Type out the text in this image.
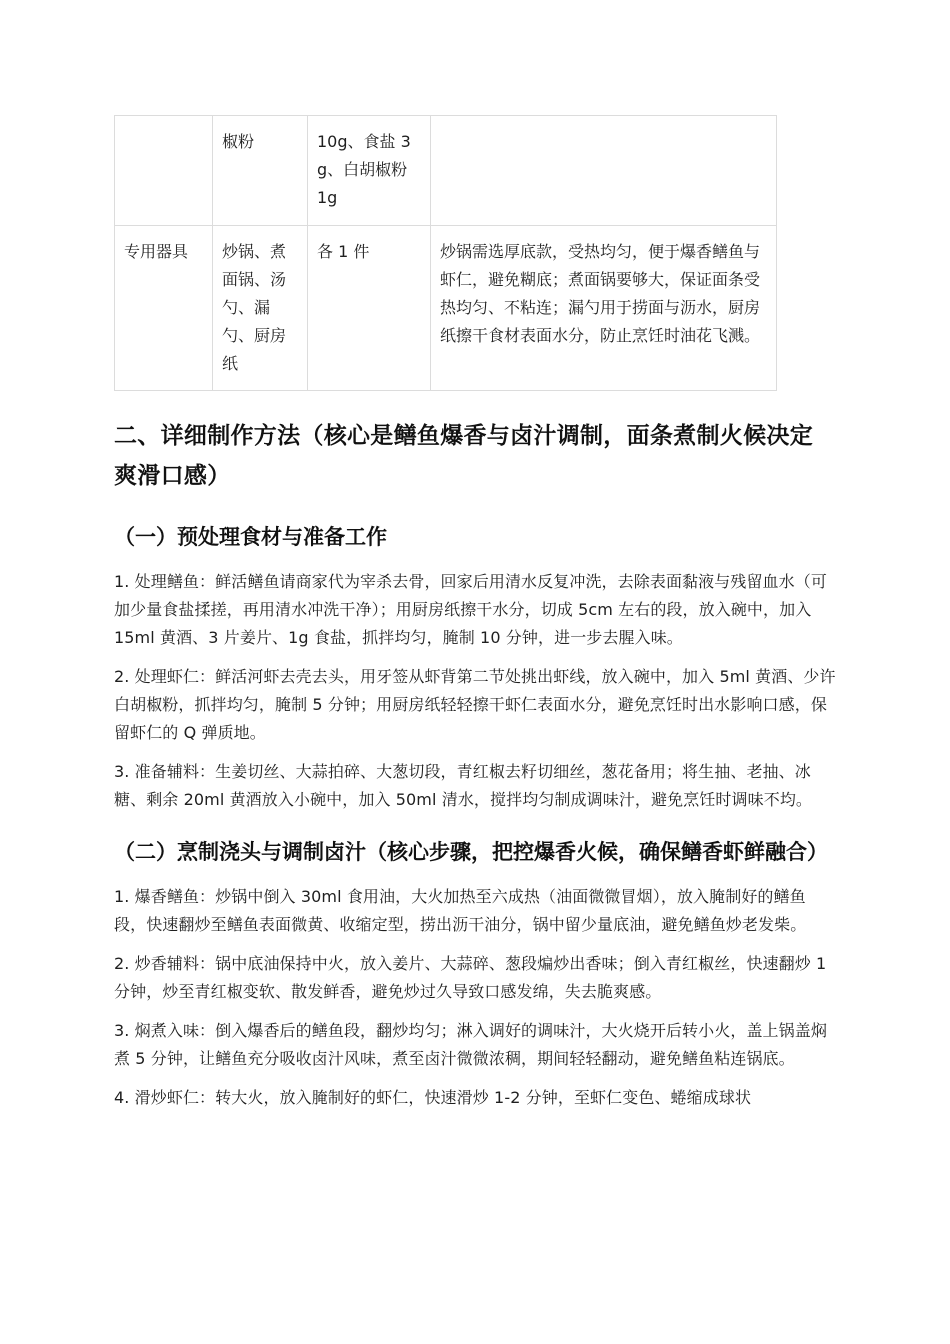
	椒粉	10g、食盐 3g、白胡椒粉 1g	
专用器具	炒锅、煮面锅、汤勺、漏勺、厨房纸	各 1 件	炒锅需选厚底款，受热均匀，便于爆香鳝鱼与虾仁，避免糊底；煮面锅要够大，保证面条受热均匀、不粘连；漏勺用于捞面与沥水，厨房纸擦干食材表面水分，防止烹饪时油花飞溅。
二、详细制作方法（核心是鳝鱼爆香与卤汁调制，面条煮制火候决定爽滑口感）
（一）预处理食材与准备工作

1. 处理鳝鱼：鲜活鳝鱼请商家代为宰杀去骨，回家后用清水反复冲洗，去除表面黏液与残留血水（可加少量食盐揉搓，再用清水冲洗干净）；用厨房纸擦干水分，切成 5cm 左右的段，放入碗中，加入 15ml 黄酒、3 片姜片、1g 食盐，抓拌均匀，腌制 10 分钟，进一步去腥入味。

2. 处理虾仁：鲜活河虾去壳去头，用牙签从虾背第二节处挑出虾线，放入碗中，加入 5ml 黄酒、少许白胡椒粉，抓拌均匀，腌制 5 分钟；用厨房纸轻轻擦干虾仁表面水分，避免烹饪时出水影响口感，保留虾仁的 Q 弹质地。

3. 准备辅料：生姜切丝、大蒜拍碎、大葱切段，青红椒去籽切细丝，葱花备用；将生抽、老抽、冰糖、剩余 20ml 黄酒放入小碗中，加入 50ml 清水，搅拌均匀制成调味汁，避免烹饪时调味不均。

（二）烹制浇头与调制卤汁（核心步骤，把控爆香火候，确保鳝香虾鲜融合）

1. 爆香鳝鱼：炒锅中倒入 30ml 食用油，大火加热至六成热（油面微微冒烟），放入腌制好的鳝鱼段，快速翻炒至鳝鱼表面微黄、收缩定型，捞出沥干油分，锅中留少量底油，避免鳝鱼炒老发柴。

2. 炒香辅料：锅中底油保持中火，放入姜片、大蒜碎、葱段煸炒出香味；倒入青红椒丝，快速翻炒 1 分钟，炒至青红椒变软、散发鲜香，避免炒过久导致口感发绵，失去脆爽感。

3. 焖煮入味：倒入爆香后的鳝鱼段，翻炒均匀；淋入调好的调味汁，大火烧开后转小火，盖上锅盖焖煮 5 分钟，让鳝鱼充分吸收卤汁风味，煮至卤汁微微浓稠，期间轻轻翻动，避免鳝鱼粘连锅底。

4. 滑炒虾仁：转大火，放入腌制好的虾仁，快速滑炒 1-2 分钟，至虾仁变色、蜷缩成球状
